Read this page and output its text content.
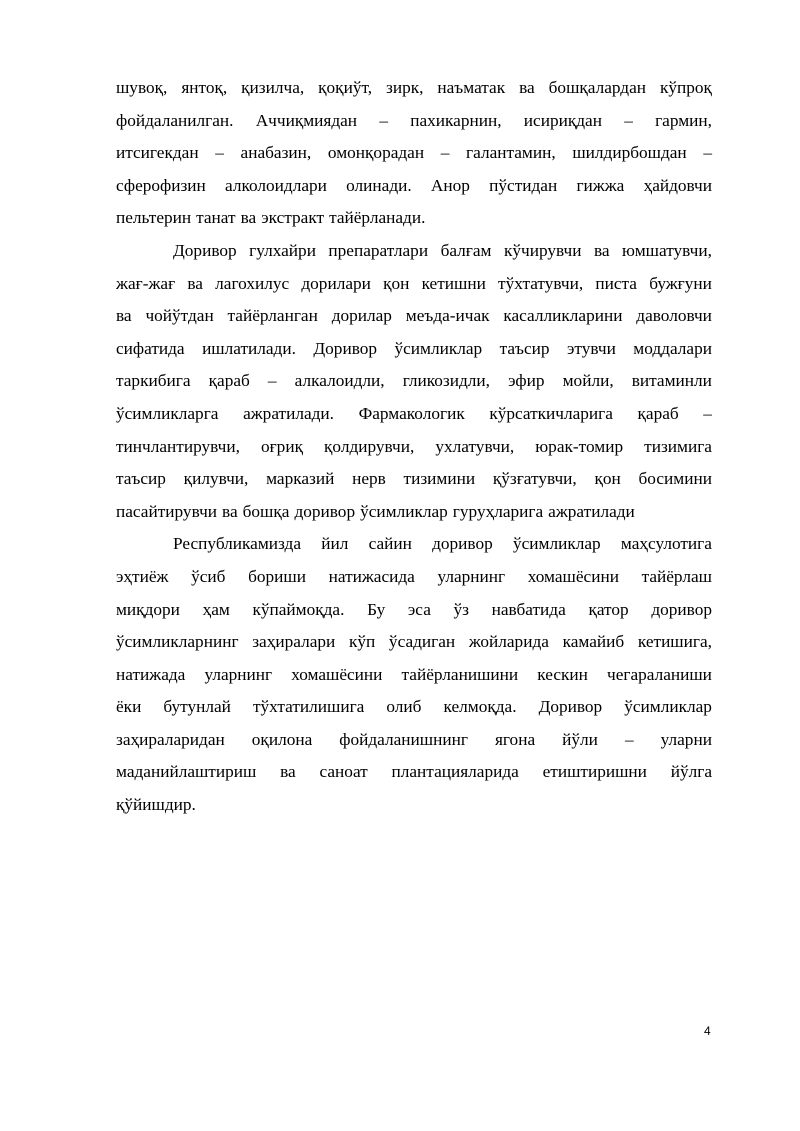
шувоқ, янтоқ, қизилча, қоқиўт, зирк, наъматак ва бошқалардан кўпроқ
фойдаланилган. Аччиқмиядан – пахикарнин, исириқдан – гармин,
итсигекдан – анабазин, омонқорадан – галантамин, шилдирбошдан –
сферофизин алколоидлари олинади. Анор пўстидан гижжа ҳайдовчи
пельтерин танат ва экстракт тайёрланади.
Доривор гулхайри препаратлари балғам кўчирувчи ва юмшатувчи,
жағ-жағ ва лагохилус дорилари қон кетишни тўхтатувчи, писта бужғуни
ва чойўтдан тайёрланган дорилар меъда-ичак касалликларини даволовчи
сифатида ишлатилади. Доривор ўсимликлар таъсир этувчи моддалари
таркибига қараб – алкалоидли, гликозидли, эфир мойли, витаминли
ўсимликларга ажратилади. Фармакологик кўрсаткичларига қараб –
тинчлантирувчи, оғриқ қолдирувчи, ухлатувчи, юрак-томир тизимига
таъсир қилувчи, марказий нерв тизимини қўзғатувчи, қон босимини
пасайтирувчи ва бошқа доривор ўсимликлар гуруҳларига ажратилади
Республикамизда йил сайин доривор ўсимликлар маҳсулотига
эҳтиёж ўсиб бориши натижасида уларнинг хомашёсини тайёрлаш
миқдори ҳам кўпаймоқда. Бу эса ўз навбатида қатор доривор
ўсимликларнинг заҳиралари кўп ўсадиган жойларида камайиб кетишига,
натижада уларнинг хомашёсини тайёрланишини кескин чегараланиши
ёки бутунлай тўхтатилишига олиб келмоқда. Доривор ўсимликлар
заҳираларидан оқилона фойдаланишнинг ягона йўли – уларни
маданийлаштириш ва саноат плантацияларида етиштиришни йўлга
қўйишдир.
4
